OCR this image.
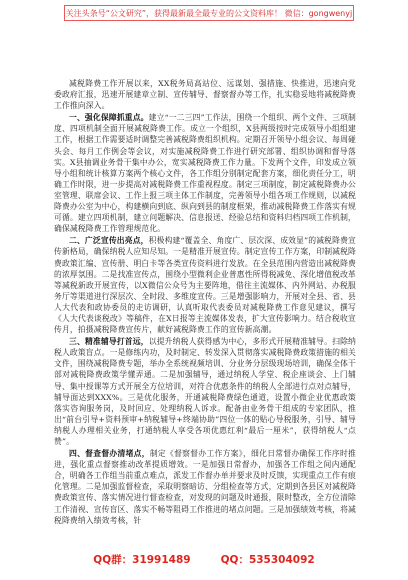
关注头条号“公文研究”，获得最新最全最专业的公文资料库！ 微信：gongwenyj

减税降费工作开展以来，XX税务局高站位、远谋划、强措施、快推进，迅速向党委政府汇报，迅速开展建章立制、宣传辅导、督察督办等工作，扎实稳妥地将减税降费工作推向深入。

一、强化保障抓重点。建立“一二三四”工作法，围绕一个组织、两个文件、三项制度、四项机制全面开展减税降费工作。成立一个组织，X县两级按时完成领导小组组建工作，根据工作需要适时调整完善减税降费组织机构。定期召开领导小组会议、每周碰头会、每月工作例会等会议，对实施减税降费工作进行研究部署、组织协调和督导落实。X县抽调业务骨干集中办公，宽实减税降费工作力量。下发两个文件，印发成立领导小组和统计核算方案两个核心文件，各工作组分别制定配套方案，细化责任分工，明确工作时限，进一步提高对减税降费工作重视程度。制定三项制度，制定减税降费办公室管理、联席会议、工作上报三项主体工作制度，完善领导小组各项工作规则，以减税降费办公室为中心，构建横向到底、纵向到县的制度框架，推动减税降费工作落实有规可循。建立四项机制，建立问题解决、信息报送、经验总结和资料归档四项工作机制，确保减税降费工作管理规范化。

二、广泛宣传出亮点，积极构建“覆盖全、角度广、层次深、成效显”的减税降费宣传新格局，确保纳税人应知尽知。一是精准开展宣传。制定宣传工作方案，印制减税降费政策汇编、宣传册、明白卡等各类宣传资料进行发放。在全县范围内营造出减税降费的浓厚氛围。二是找准宣传点，围绕小型微利企业普惠性所得税减免、深化增值税改革等减税新政开展宣传，以X微信公众号为主要阵地，借往主流媒体、内外网站、办税服务厅等渠道进行深层次、全时段、多维度宣传。三是增强影响力，开展对全县、省、县人大代表和政协委员的走访调研，认真听取代表委员对减税降费工作意见建议，撰写《人大代表谈税改》等稿件，在X日报等主流媒体发表，扩大宣传影响力。结合税收宣传月，拍摄减税降费宣传片，献好减税降费工作的宣传新高潮。

三、精准辅导打首远，以提升纳税人获得感为中心，多形式开展精准辅导。扫除纳税人政策盲点。一是修练内功，及时制定、转发深入贯彻落实减税降费政策措施的相关文件，围绕减税降费专题，举办全系统视频培训、分业务分层级现场培训，确保全体干部对减税降费政策学懂弄通。二是加强辅导，通过纳税人学堂、税企座谈会、上门辅导、集中授课等方式开展全方位培训，对符合优惠条件的纳税人全部进行点对点辅导，辅导面达到XXX%。三是优化服务，开通减税降费绿色通道，设置小微企业优惠政策落实咨询服务岗，及时回应、处理纳税人诉求。配备由业务骨干组成的专家团队，推出“前台引导+资料预审+纳税辅导+终端协助”四位一体的贴心导税服务，引导、辅导纳税人办理相关业务，打通纳税人享受各项优惠红利“最后一厘米”，获得纳税人“点赞”。

四、督查督办清堵点，制定《督察督办工作方案》，细化日常督办确保工作序时推进，强化重点督察推动改革提质增效。一是加强日常督办，加强各工作组之间内通配合，明确各工作组当前重点难点，派发工作督办单并要求及时反馈，实现重点工作有痕化管理。二是加强监督检查，采取明察暗访、分组检查等方式，定期到各县区对减税降费政策宣传、落实情况进行督查检查，对发现的问题及时通报，限时整改，全方位清除工作清视、宣传盲区、落实不畅等阻碍工作推进的堵点问题。三是加强绩效考核，将减税降费纳入绩效考核，针

QQ群：31991489	QQ：535304092
